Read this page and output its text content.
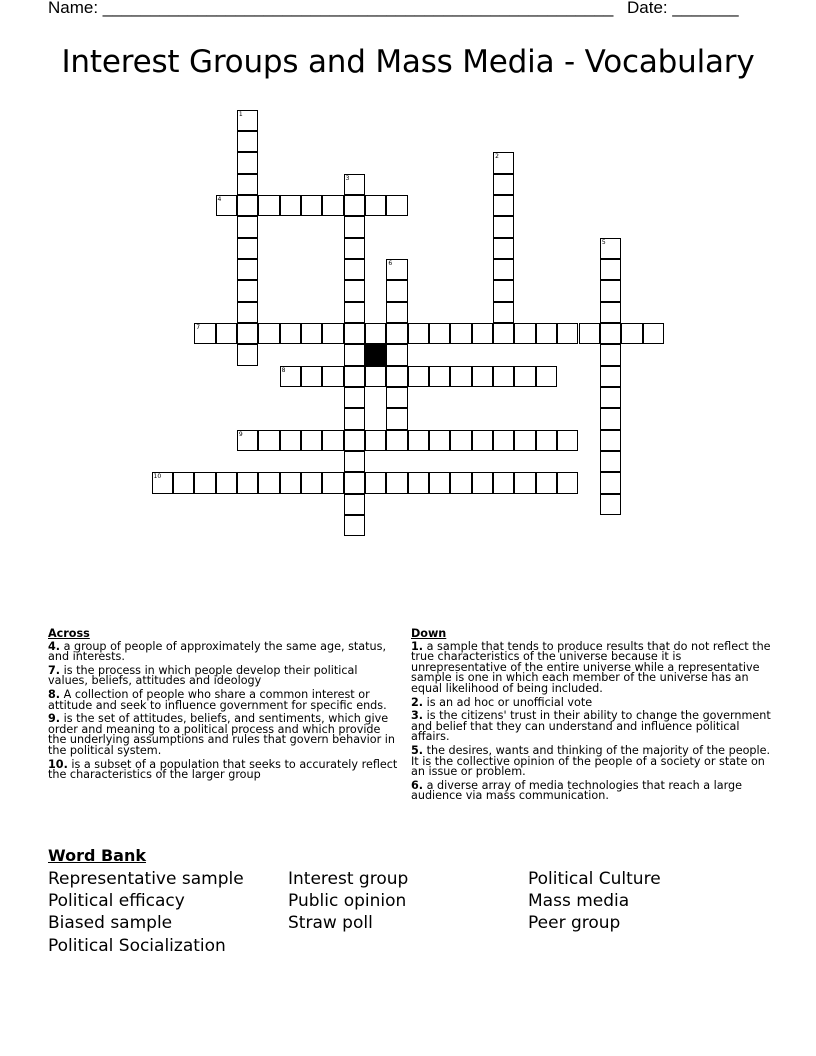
Name: ______________________________________________________ Date: _______
Interest Groups and Mass Media - Vocabulary
1
2
3
4
5
6
7
8
9
10
Across
4. a group of people of approximately the same age, status, and interests.
7. is the process in which people develop their political values, beliefs, attitudes and ideology
8. A collection of people who share a common interest or attitude and seek to influence government for specific ends.
9. is the set of attitudes, beliefs, and sentiments, which give order and meaning to a political process and which provide the underlying assumptions and rules that govern behavior in the political system.
10. is a subset of a population that seeks to accurately reflect the characteristics of the larger group
Down
1. a sample that tends to produce results that do not reflect the true characteristics of the universe because it is unrepresentative of the entire universe while a representative sample is one in which each member of the universe has an equal likelihood of being included.
2. is an ad hoc or unofficial vote
3. is the citizens' trust in their ability to change the government and belief that they can understand and influence political affairs.
5. the desires, wants and thinking of the majority of the people. It is the collective opinion of the people of a society or state on an issue or problem.
6. a diverse array of media technologies that reach a large audience via mass communication.
Word Bank
Representative sample
Political efficacy
Biased sample
Political Socialization
Interest group
Public opinion
Straw poll
Political Culture
Mass media
Peer group
